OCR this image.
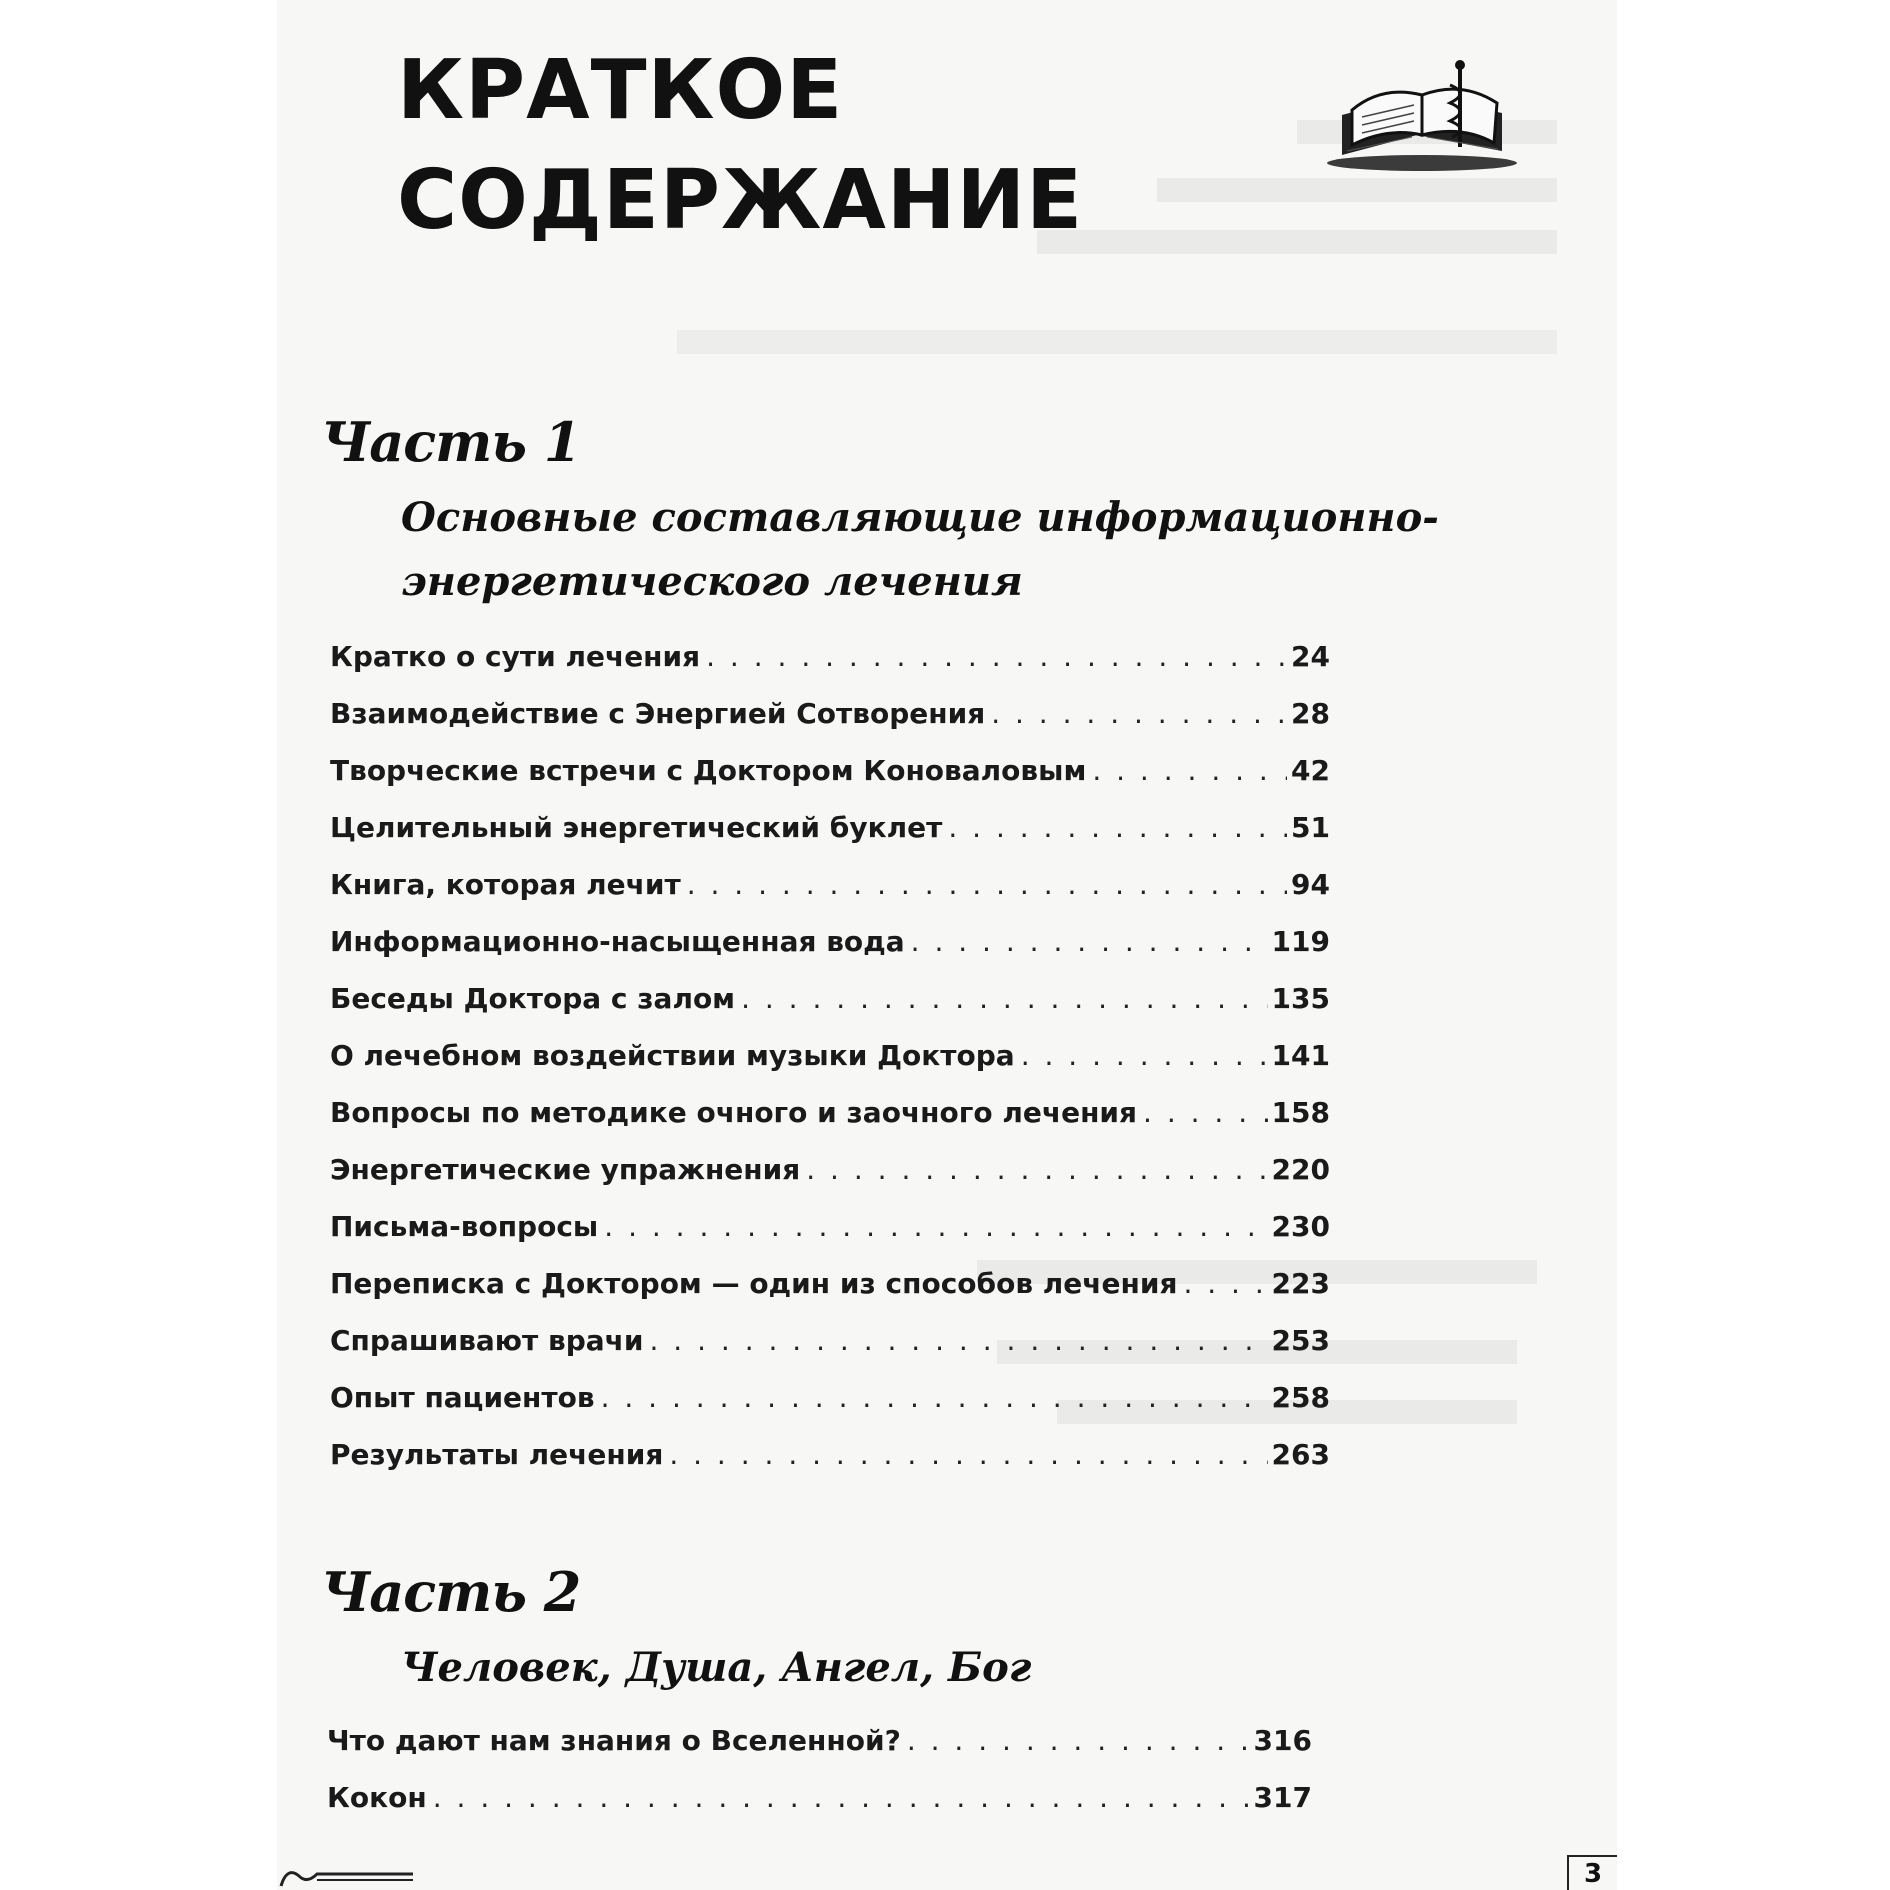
КРАТКОЕ
СОДЕРЖАНИЕ
Часть 1

Основные составляющие информационно-

энергетического лечения

Кратко о сути лечения . . .	24
Взаимодействие с Энергией Сотворения . . .	28
Творческие встречи с Доктором Коноваловым . . .	42
Целительный энергетический буклет . . .	51
Книга, которая лечит . . .	94
Информационно-насыщенная вода . . .	119
Беседы Доктора с залом . . .	135
О лечебном воздействии музыки Доктора . . .	141
Вопросы по методике очного и заочного лечения . . .	158
Энергетические упражнения . . .	220
Письма-вопросы . . .	230
Переписка с Доктором — один из способов лечения . . .	223
Спрашивают врачи . . .	253
Опыт пациентов . . .	258
Результаты лечения . . .	263
Часть 2

Человек, Душа, Ангел, Бог

Что дают нам знания о Вселенной? . . .	316
Кокон . . .	317
3
